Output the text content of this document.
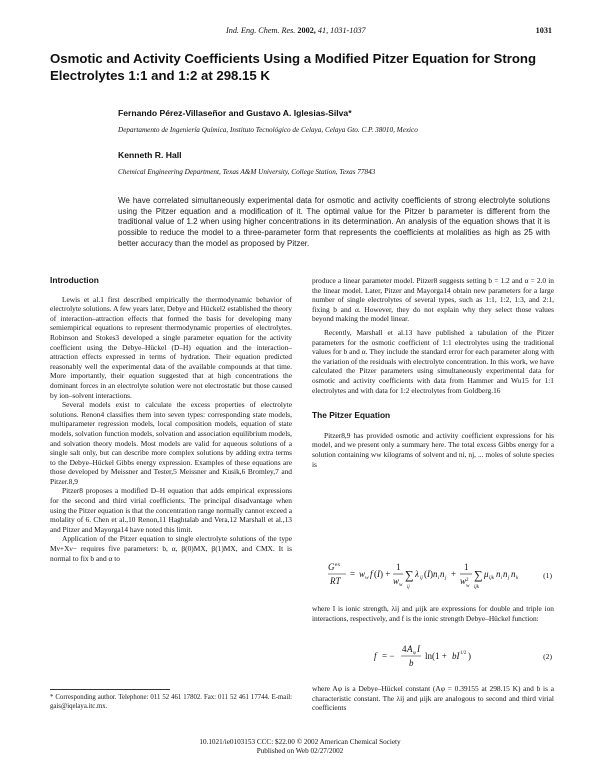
Ind. Eng. Chem. Res. 2002, 41, 1031-1037	1031
Osmotic and Activity Coefficients Using a Modified Pitzer Equation for Strong Electrolytes 1:1 and 1:2 at 298.15 K
Fernando Pérez-Villaseñor and Gustavo A. Iglesias-Silva*
Departamento de Ingeniería Química, Instituto Tecnológico de Celaya, Celaya Gto. C.P. 38010, Mexico
Kenneth R. Hall
Chemical Engineering Department, Texas A&M University, College Station, Texas 77843
We have correlated simultaneously experimental data for osmotic and activity coefficients of strong electrolyte solutions using the Pitzer equation and a modification of it. The optimal value for the Pitzer b parameter is different from the traditional value of 1.2 when using higher concentrations in its determination. An analysis of the equation shows that it is possible to reduce the model to a three-parameter form that represents the coefficients at molalities as high as 25 with better accuracy than the model as proposed by Pitzer.
Introduction

Lewis et al.1 first described empirically the thermodynamic behavior of electrolyte solutions. A few years later, Debye and Hückel2 established the theory of interaction–attraction effects that formed the basis for developing many semiempirical equations to represent thermodynamic properties of electrolytes. Robinson and Stokes3 developed a single parameter equation for the activity coefficient using the Debye–Hückel (D–H) equation and the interaction–attraction effects expressed in terms of hydration. Their equation predicted reasonably well the experimental data of the available compounds at that time. More importantly, their equation suggested that at high concentrations the dominant forces in an electrolyte solution were not electrostatic but those caused by ion–solvent interactions.

Several models exist to calculate the excess properties of electrolyte solutions. Renon4 classifies them into seven types: corresponding state models, multiparameter regression models, local composition models, equation of state models, solvation function models, solvation and association equilibrium models, and solvation theory models. Most models are valid for aqueous solutions of a single salt only, but can describe more complex solutions by adding extra terms to the Debye–Hückel Gibbs energy expression. Examples of these equations are those developed by Meissner and Tester,5 Meissner and Kusik,6 Bromley,7 and Pitzer.8,9

Pitzer8 proposes a modified D–H equation that adds empirical expressions for the second and third virial coefficients. The principal disadvantage when using the Pitzer equation is that the concentration range normally cannot exceed a molality of 6. Chen et al.,10 Renon,11 Haghtalab and Vera,12 Marshall et al.,13 and Pitzer and Mayorga14 have noted this limit.

Application of the Pitzer equation to single electrolyte solutions of the type Mν+Xν− requires five parameters: b, α, β(0)MX, β(1)MX, and CMX. It is normal to fix b and α to

* Corresponding author. Telephone: 011 52 461 17802. Fax: 011 52 461 17744. E-mail: gais@iqelaya.itc.mx.

produce a linear parameter model. Pitzer8 suggests setting b = 1.2 and α = 2.0 in the linear model. Later, Pitzer and Mayorga14 obtain new parameters for a large number of single electrolytes of several types, such as 1:1, 1:2, 1:3, and 2:1, fixing b and α. However, they do not explain why they select those values beyond making the model linear.

Recently, Marshall et al.13 have published a tabulation of the Pitzer parameters for the osmotic coefficient of 1:1 electrolytes using the traditional values for b and α. They include the standard error for each parameter along with the variation of the residuals with electrolyte concentration. In this work, we have calculated the Pitzer parameters using simultaneously experimental data for osmotic and activity coefficients with data from Hammer and Wu15 for 1:1 electrolytes and with data for 1:2 electrolytes from Goldberg.16

The Pitzer Equation

Pitzer8,9 has provided osmotic and activity coefficient expressions for his model, and we present only a summary here. The total excess Gibbs energy for a solution containing ww kilograms of solvent and ni, nj, ... moles of solute species is

G ex
RT
= w w f ( I ) +
1
w w
∑
ij
λ ij ( I ) n i n j +
1
w 2
w
∑
ijk
μ ijk n i n j n k	(1)

where I is ionic strength, λij and μijk are expressions for double and triple ion interactions, respectively, and f is the ionic strength Debye–Hückel function:

f = −
4 A φ I
b
ln(1 + bI 1/2 )	(2)

where Aφ is a Debye–Hückel constant (Aφ = 0.39155 at 298.15 K) and b is a characteristic constant. The λij and μijk are analogous to second and third virial coefficients

10.1021/ie0103153 CCC: $22.00 © 2002 American Chemical Society
Published on Web 02/27/2002
